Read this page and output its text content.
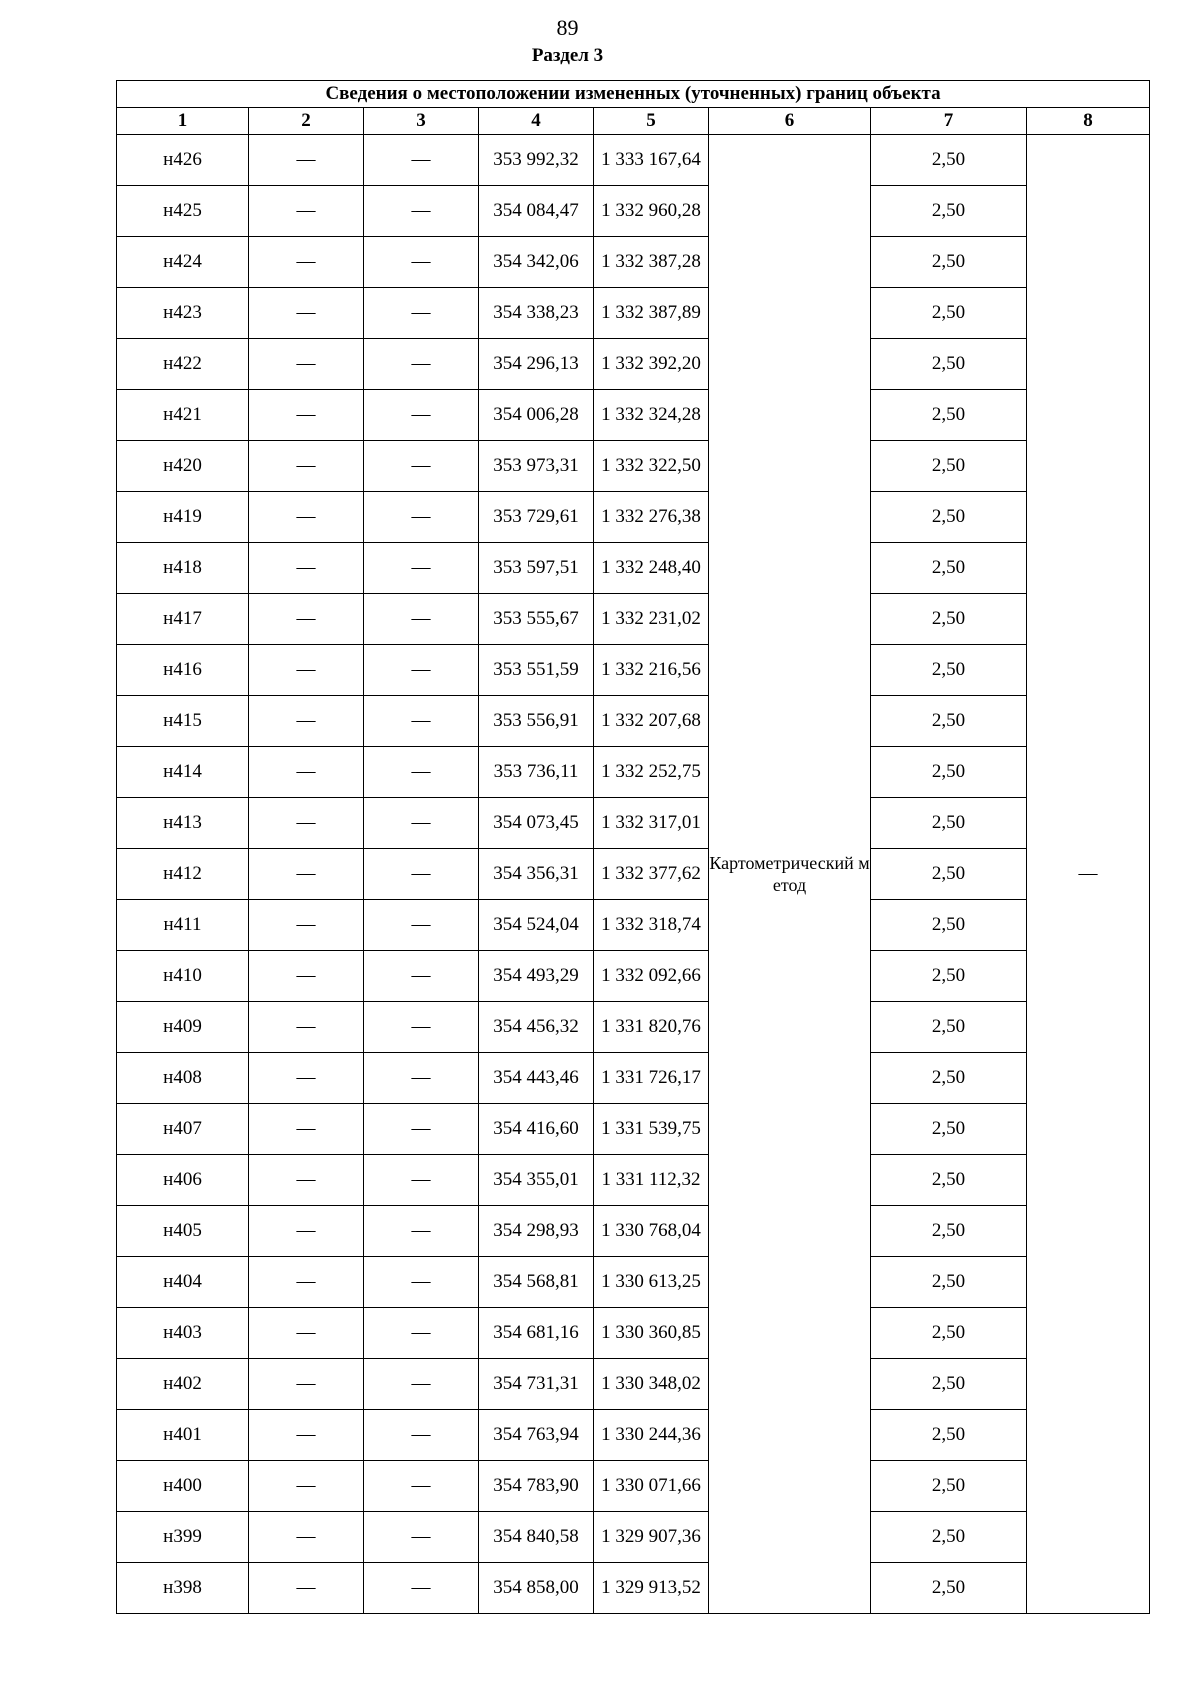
89
Раздел 3
Сведения о местоположении измененных (уточненных) границ объекта							
1	2	3	4	5	6	7	8
н426	—	—	353 992,32	1 333 167,64	Картометрический метод	2,50	—
н425	—	—	354 084,47	1 332 960,28		2,50	
н424	—	—	354 342,06	1 332 387,28		2,50	
н423	—	—	354 338,23	1 332 387,89		2,50	
н422	—	—	354 296,13	1 332 392,20		2,50	
н421	—	—	354 006,28	1 332 324,28		2,50	
н420	—	—	353 973,31	1 332 322,50		2,50	
н419	—	—	353 729,61	1 332 276,38		2,50	
н418	—	—	353 597,51	1 332 248,40		2,50	
н417	—	—	353 555,67	1 332 231,02		2,50	
н416	—	—	353 551,59	1 332 216,56		2,50	
н415	—	—	353 556,91	1 332 207,68		2,50	
н414	—	—	353 736,11	1 332 252,75		2,50	
н413	—	—	354 073,45	1 332 317,01		2,50	
н412	—	—	354 356,31	1 332 377,62		2,50	
н411	—	—	354 524,04	1 332 318,74		2,50	
н410	—	—	354 493,29	1 332 092,66		2,50	
н409	—	—	354 456,32	1 331 820,76		2,50	
н408	—	—	354 443,46	1 331 726,17		2,50	
н407	—	—	354 416,60	1 331 539,75		2,50	
н406	—	—	354 355,01	1 331 112,32		2,50	
н405	—	—	354 298,93	1 330 768,04		2,50	
н404	—	—	354 568,81	1 330 613,25		2,50	
н403	—	—	354 681,16	1 330 360,85		2,50	
н402	—	—	354 731,31	1 330 348,02		2,50	
н401	—	—	354 763,94	1 330 244,36		2,50	
н400	—	—	354 783,90	1 330 071,66		2,50	
н399	—	—	354 840,58	1 329 907,36		2,50	
н398	—	—	354 858,00	1 329 913,52		2,50	
